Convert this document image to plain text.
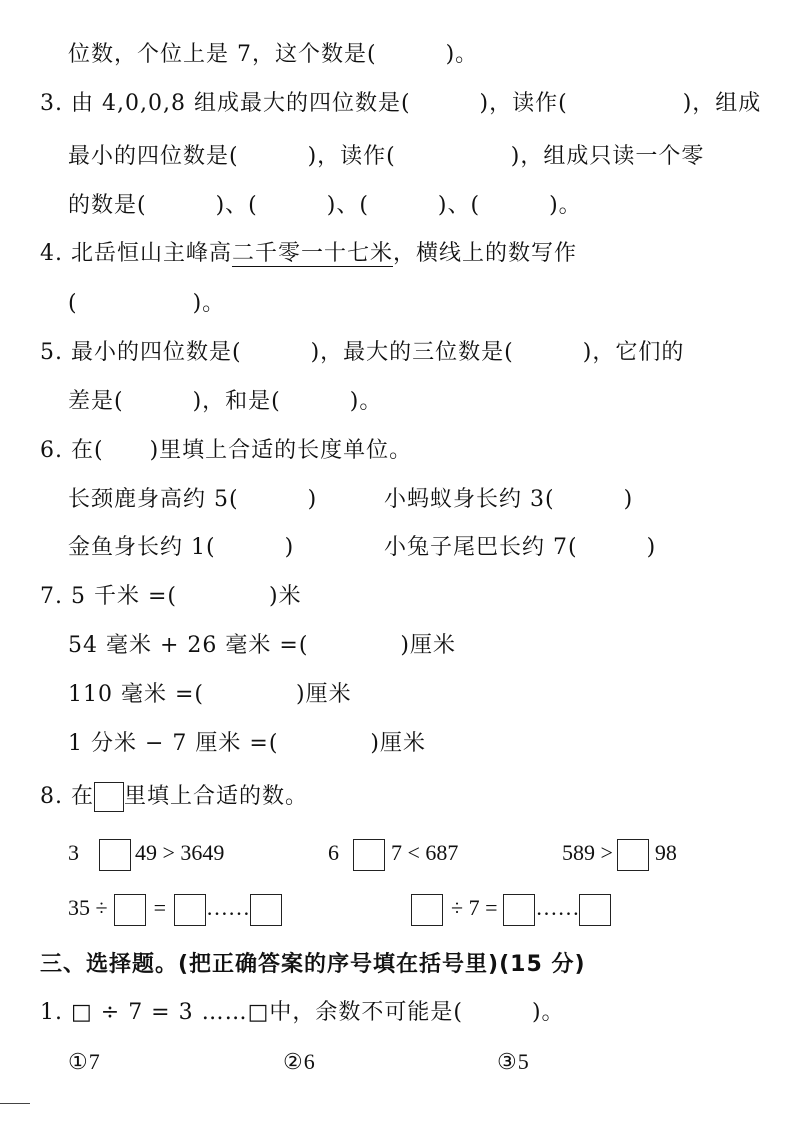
位数，个位上是 7，这个数是(　　　)。
3. 由 4,0,0,8 组成最大的四位数是(　　　)，读作(　　　　　)，组成
最小的四位数是(　　　)，读作(　　　　　)，组成只读一个零
的数是(　　　)、(　　　)、(　　　)、(　　　)。
4. 北岳恒山主峰高二千零一十七米，横线上的数写作
(　　　　　)。
5. 最小的四位数是(　　　)，最大的三位数是(　　　)，它们的
差是(　　　)，和是(　　　)。
6. 在(　　)里填上合适的长度单位。
长颈鹿身高约 5(　　　)	小蚂蚁身长约 3(　　　)
金鱼身长约 1(　　　)	小兔子尾巴长约 7(　　　)
7. 5 千米 =(　　　　)米
54 毫米 + 26 毫米 =(　　　　)厘米
110 毫米 =(　　　　)厘米
1 分米 − 7 厘米 =(　　　　)厘米
8. 在 里填上合适的数。
3	49 > 3649	6 7 < 687	589 > 98
35 ÷ = ……	÷ 7 = ……
三、选择题。(把正确答案的序号填在括号里)(15 分)
1. □ ÷ 7 = 3 ……□中，余数不可能是(　　　)。
①7	②6	③5
